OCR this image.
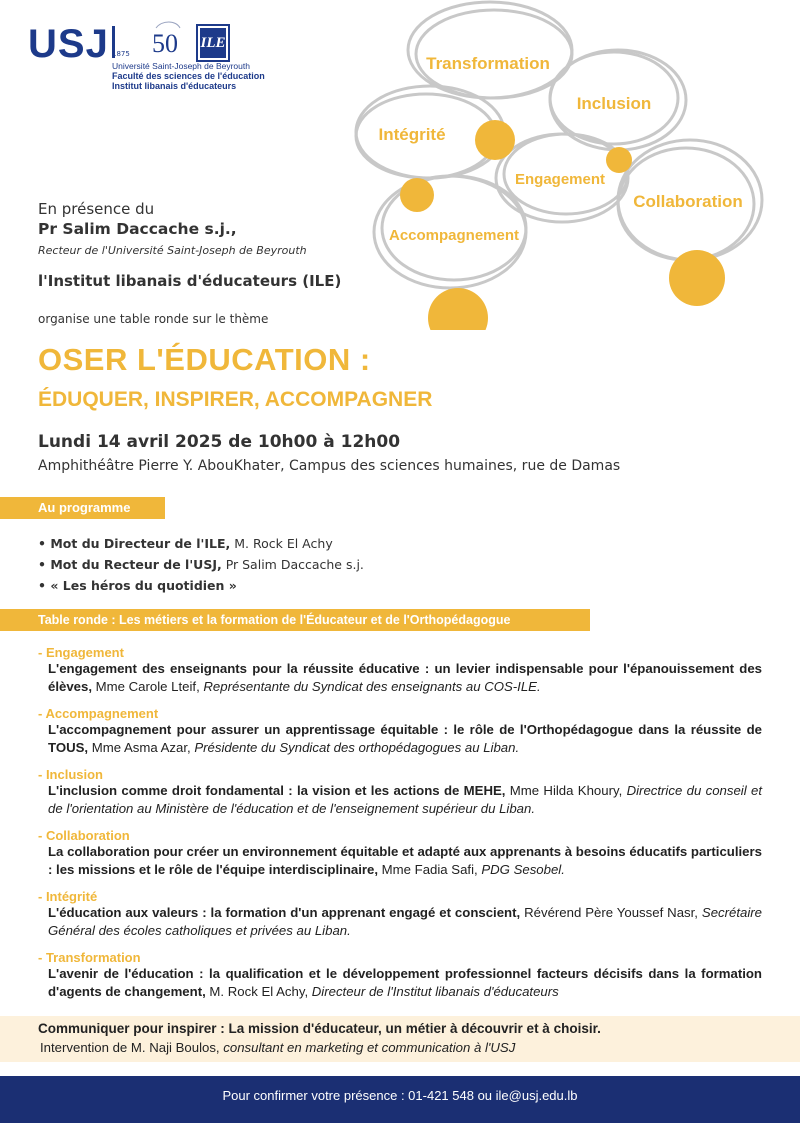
USJ 1875 50 ILE
Université Saint-Joseph de Beyrouth
Faculté des sciences de l'éducation
Institut libanais d'éducateurs
Transformation
Inclusion
Intégrité
Engagement
Collaboration
Accompagnement
En présence du
Pr Salim Daccache s.j.,
Recteur de l'Université Saint-Joseph de Beyrouth
l'Institut libanais d'éducateurs (ILE)
organise une table ronde sur le thème
OSER L'ÉDUCATION :
ÉDUQUER, INSPIRER, ACCOMPAGNER
Lundi 14 avril 2025 de 10h00 à 12h00
Amphithéâtre Pierre Y. AbouKhater, Campus des sciences humaines, rue de Damas
Au programme
• Mot du Directeur de l'ILE, M. Rock El Achy
• Mot du Recteur de l'USJ, Pr Salim Daccache s.j.
• « Les héros du quotidien »
Table ronde : Les métiers et la formation de l'Éducateur et de l'Orthopédagogue
- Engagement
L'engagement des enseignants pour la réussite éducative : un levier indispensable pour l'épanouissement des élèves, Mme Carole Lteif, Représentante du Syndicat des enseignants au COS-ILE.
- Accompagnement
L'accompagnement pour assurer un apprentissage équitable : le rôle de l'Orthopédagogue dans la réussite de TOUS, Mme Asma Azar, Présidente du Syndicat des orthopédagogues au Liban.
- Inclusion
L'inclusion comme droit fondamental : la vision et les actions de MEHE, Mme Hilda Khoury, Directrice du conseil et de l'orientation au Ministère de l'éducation et de l'enseignement supérieur du Liban.
- Collaboration
La collaboration pour créer un environnement équitable et adapté aux apprenants à besoins éducatifs particuliers : les missions et le rôle de l'équipe interdisciplinaire, Mme Fadia Safi, PDG Sesobel.
- Intégrité
L'éducation aux valeurs : la formation d'un apprenant engagé et conscient, Révérend Père Youssef Nasr, Secrétaire Général des écoles catholiques et privées au Liban.
- Transformation
L'avenir de l'éducation : la qualification et le développement professionnel facteurs décisifs dans la formation d'agents de changement, M. Rock El Achy, Directeur de l'Institut libanais d'éducateurs
Communiquer pour inspirer : La mission d'éducateur, un métier à découvrir et à choisir.
Intervention de M. Naji Boulos, consultant en marketing et communication à l'USJ
Pour confirmer votre présence : 01-421 548 ou ile@usj.edu.lb
